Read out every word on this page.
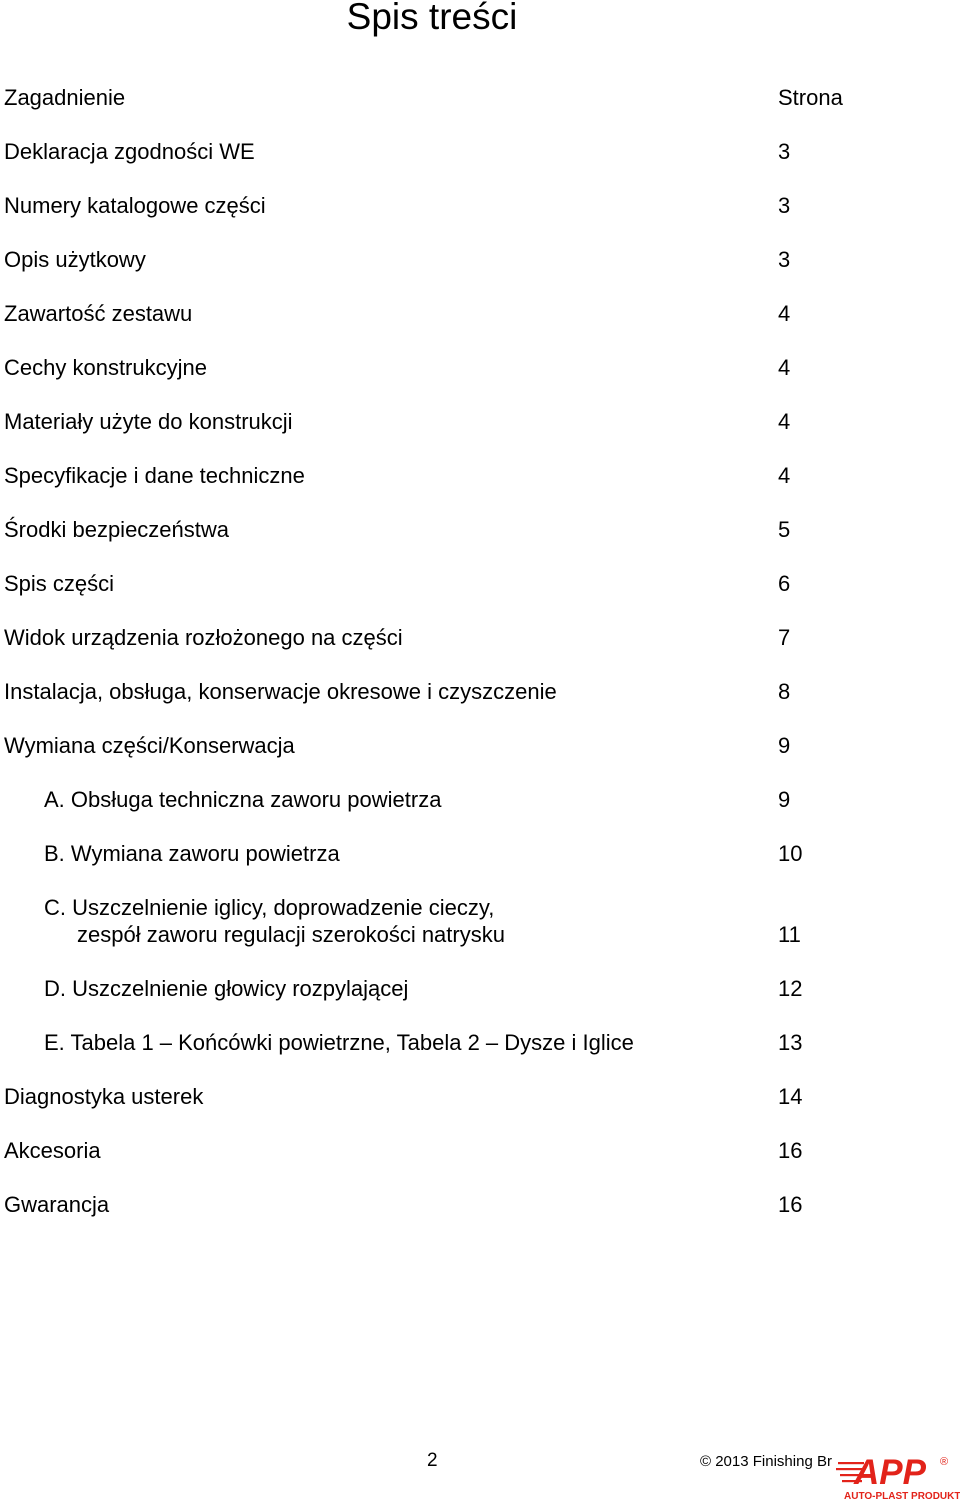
Spis treści
Zagadnienie	Strona
Deklaracja zgodności WE	3
Numery katalogowe części	3
Opis użytkowy	3
Zawartość zestawu	4
Cechy konstrukcyjne	4
Materiały użyte do konstrukcji	4
Specyfikacje i dane techniczne	4
Środki bezpieczeństwa	5
Spis części	6
Widok urządzenia rozłożonego na części	7
Instalacja, obsługa, konserwacje okresowe i czyszczenie	8
Wymiana części/Konserwacja	9
A. Obsługa techniczna zaworu powietrza	9
B. Wymiana zaworu powietrza	10
C. Uszczelnienie iglicy, doprowadzenie cieczy,
zespół zaworu regulacji szerokości natrysku	11
D. Uszczelnienie głowicy rozpylającej	12
E. Tabela 1 – Końcówki powietrzne, Tabela 2 – Dysze i Iglice	13
Diagnostyka usterek	14
Akcesoria	16
Gwarancja	16
2	© 2013 Finishing Br APP ®
AUTO-PLAST PRODUKT
